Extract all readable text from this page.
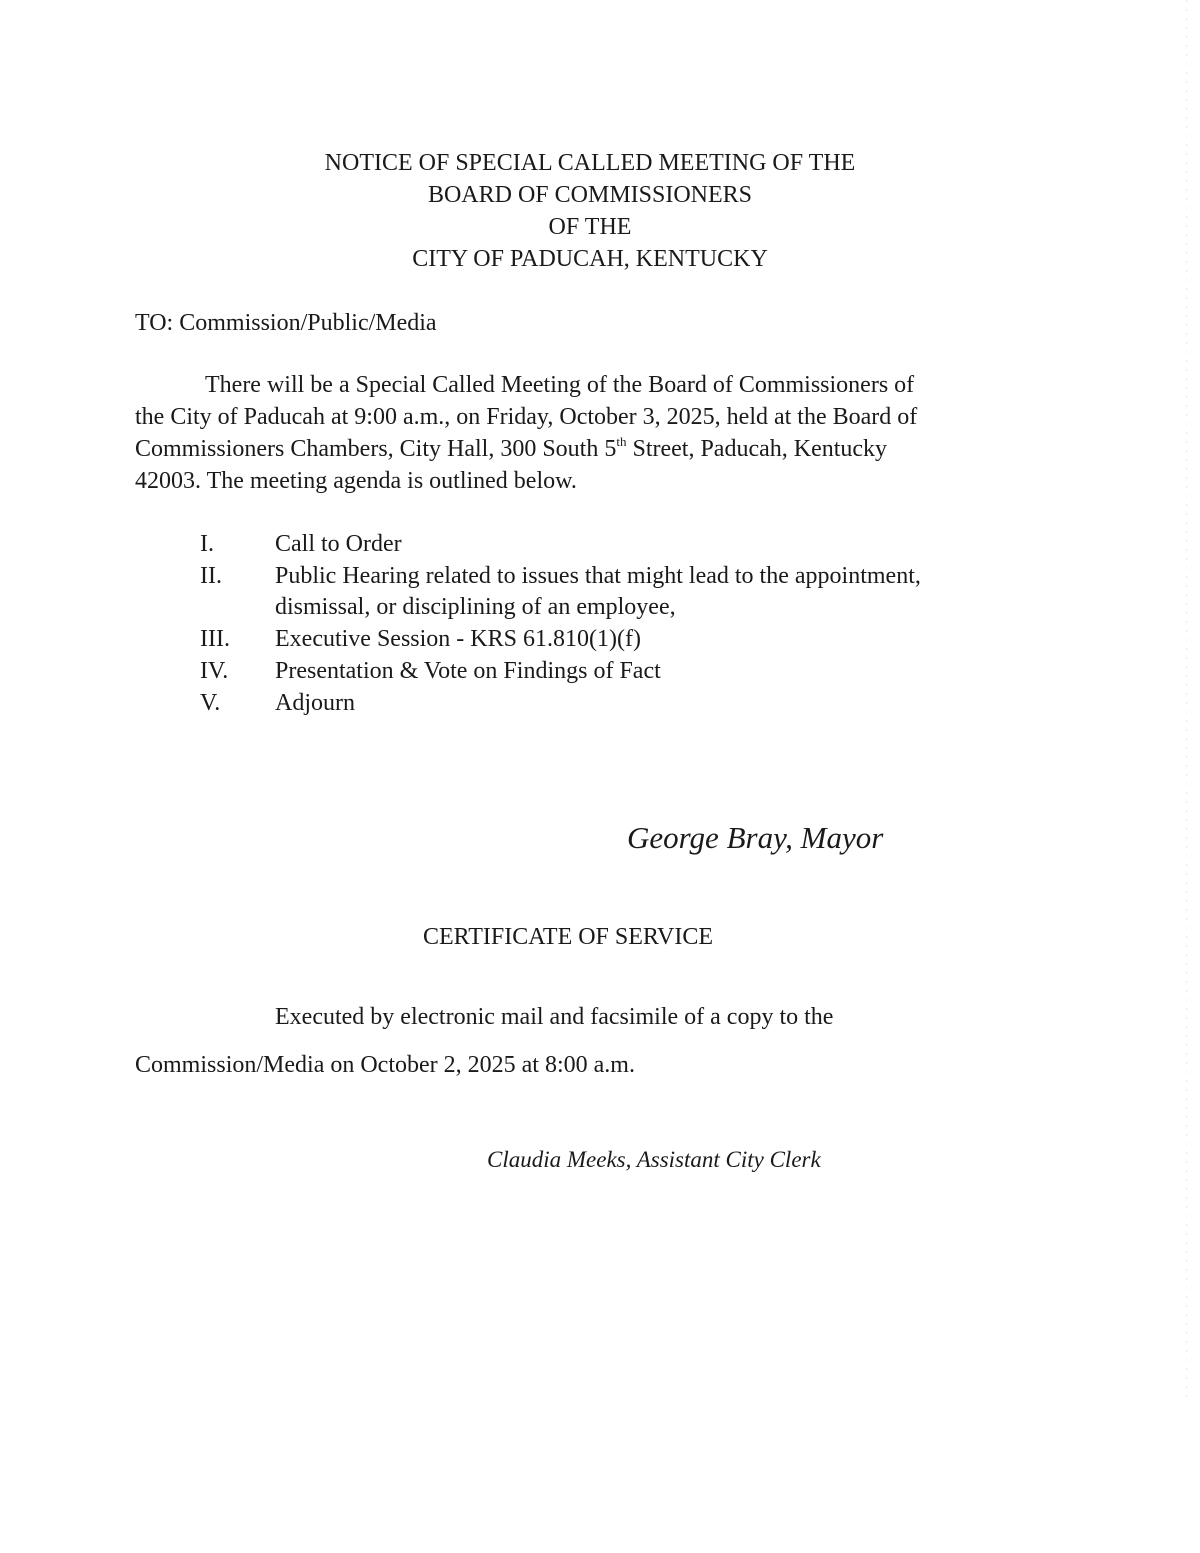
NOTICE OF SPECIAL CALLED MEETING OF THE
BOARD OF COMMISSIONERS
OF THE
CITY OF PADUCAH, KENTUCKY
TO: Commission/Public/Media
There will be a Special Called Meeting of the Board of Commissioners of
the City of Paducah at 9:00 a.m., on Friday, October 3, 2025, held at the Board of
Commissioners Chambers, City Hall, 300 South 5th Street, Paducah, Kentucky
42003. The meeting agenda is outlined below.
I.	Call to Order
II. Public Hearing related to issues that might lead to the appointment,
dismissal, or disciplining of an employee,
III. Executive Session - KRS 61.810(1)(f)
IV. Presentation & Vote on Findings of Fact
V. Adjourn
George Bray, Mayor
CERTIFICATE OF SERVICE
Executed by electronic mail and facsimile of a copy to the
Commission/Media on October 2, 2025 at 8:00 a.m.
Claudia Meeks, Assistant City Clerk
